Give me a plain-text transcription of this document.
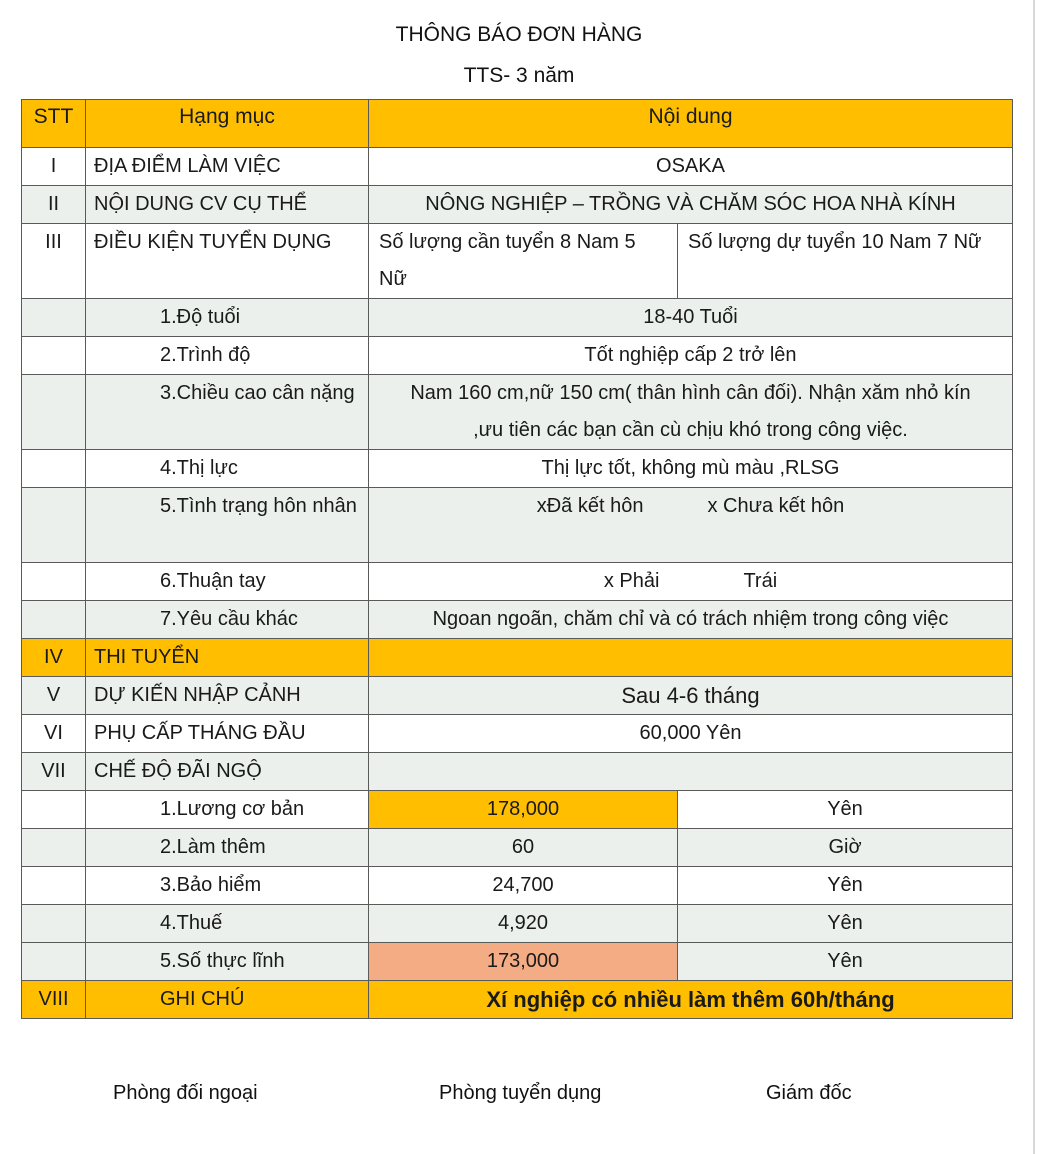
THÔNG BÁO ĐƠN HÀNG
TTS- 3 năm
STT	Hạng mục	Nội dung	
I	ĐỊA ĐIỂM LÀM VIỆC	OSAKA	
II	NỘI DUNG CV CỤ THỂ	NÔNG NGHIỆP – TRỒNG VÀ CHĂM SÓC HOA NHÀ KÍNH	
III	ĐIỀU KIỆN TUYỂN DỤNG	Số lượng cần tuyển 8 Nam 5 Nữ	Số lượng dự tuyển 10 Nam 7 Nữ
	1.Độ tuổi	18-40 Tuổi	
	2.Trình độ	Tốt nghiệp cấp 2 trở lên	
	3.Chiều cao cân nặng	Nam 160 cm,nữ 150 cm( thân hình cân đối). Nhận xăm nhỏ kín
,ưu tiên các bạn cần cù chịu khó trong công việc.	

	4.Thị lực	Thị lực tốt, không mù màu ,RLSG	
	5.Tình trạng hôn nhân	xĐã kết hôn x Chưa kết hôn	
	6.Thuận tay	x Phải Trái	
	7.Yêu cầu khác	Ngoan ngoãn, chăm chỉ và có trách nhiệm trong công việc	
IV	THI TUYỂN		
V	DỰ KIẾN NHẬP CẢNH	Sau 4-6 tháng	
VI	PHỤ CẤP THÁNG ĐẦU	60,000 Yên	
VII	CHẾ ĐỘ ĐÃI NGỘ		
	1.Lương cơ bản	178,000	Yên
	2.Làm thêm	60	Giờ
	3.Bảo hiểm	24,700	Yên
	4.Thuế	4,920	Yên
	5.Số thực lĩnh	173,000	Yên
VIII	GHI CHÚ	Xí nghiệp có nhiều làm thêm 60h/tháng	
Phòng đối ngoại	Phòng tuyển dụng	Giám đốc
